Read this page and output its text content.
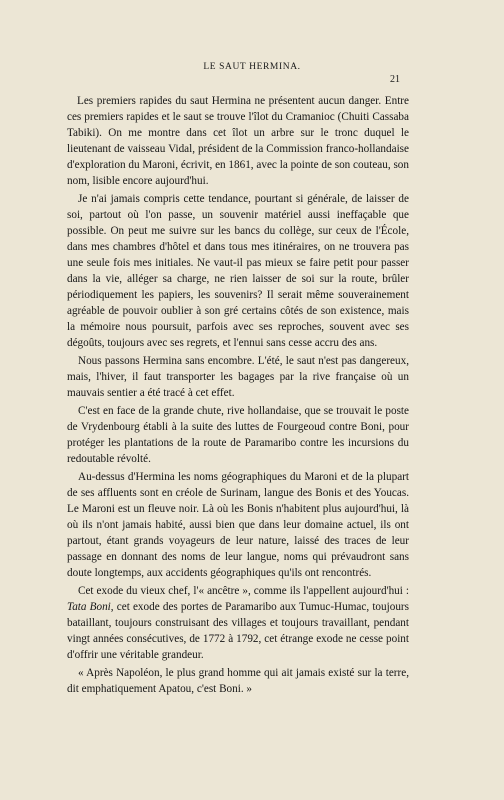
LE SAUT HERMINA.
21

Les premiers rapides du saut Hermina ne présentent aucun danger. Entre ces premiers rapides et le saut se trouve l'îlot du Cramanioc (Chuiti Cassaba Tabiki). On me montre dans cet îlot un arbre sur le tronc duquel le lieutenant de vaisseau Vidal, président de la Commission franco-hollandaise d'exploration du Maroni, écrivit, en 1861, avec la pointe de son couteau, son nom, lisible encore aujourd'hui.

Je n'ai jamais compris cette tendance, pourtant si générale, de laisser de soi, partout où l'on passe, un souvenir matériel aussi ineffaçable que possible. On peut me suivre sur les bancs du collège, sur ceux de l'École, dans mes chambres d'hôtel et dans tous mes itinéraires, on ne trouvera pas une seule fois mes initiales. Ne vaut-il pas mieux se faire petit pour passer dans la vie, alléger sa charge, ne rien laisser de soi sur la route, brûler périodiquement les papiers, les souvenirs? Il serait même souverainement agréable de pouvoir oublier à son gré certains côtés de son existence, mais la mémoire nous poursuit, parfois avec ses reproches, souvent avec ses dégoûts, toujours avec ses regrets, et l'ennui sans cesse accru des ans.

Nous passons Hermina sans encombre. L'été, le saut n'est pas dangereux, mais, l'hiver, il faut transporter les bagages par la rive française où un mauvais sentier a été tracé à cet effet.

C'est en face de la grande chute, rive hollandaise, que se trouvait le poste de Vrydenbourg établi à la suite des luttes de Fourgeoud contre Boni, pour protéger les plantations de la route de Paramaribo contre les incursions du redoutable révolté.

Au-dessus d'Hermina les noms géographiques du Maroni et de la plupart de ses affluents sont en créole de Surinam, langue des Bonis et des Youcas. Le Maroni est un fleuve noir. Là où les Bonis n'habitent plus aujourd'hui, là où ils n'ont jamais habité, aussi bien que dans leur domaine actuel, ils ont partout, étant grands voyageurs de leur nature, laissé des traces de leur passage en donnant des noms de leur langue, noms qui prévaudront sans doute longtemps, aux accidents géographiques qu'ils ont rencontrés.

Cet exode du vieux chef, l'« ancêtre », comme ils l'appellent aujourd'hui : Tata Boni, cet exode des portes de Paramaribo aux Tumuc-Humac, toujours bataillant, toujours construisant des villages et toujours travaillant, pendant vingt années consécutives, de 1772 à 1792, cet étrange exode ne cesse point d'offrir une véritable grandeur.

« Après Napoléon, le plus grand homme qui ait jamais existé sur la terre, dit emphatiquement Apatou, c'est Boni. »
